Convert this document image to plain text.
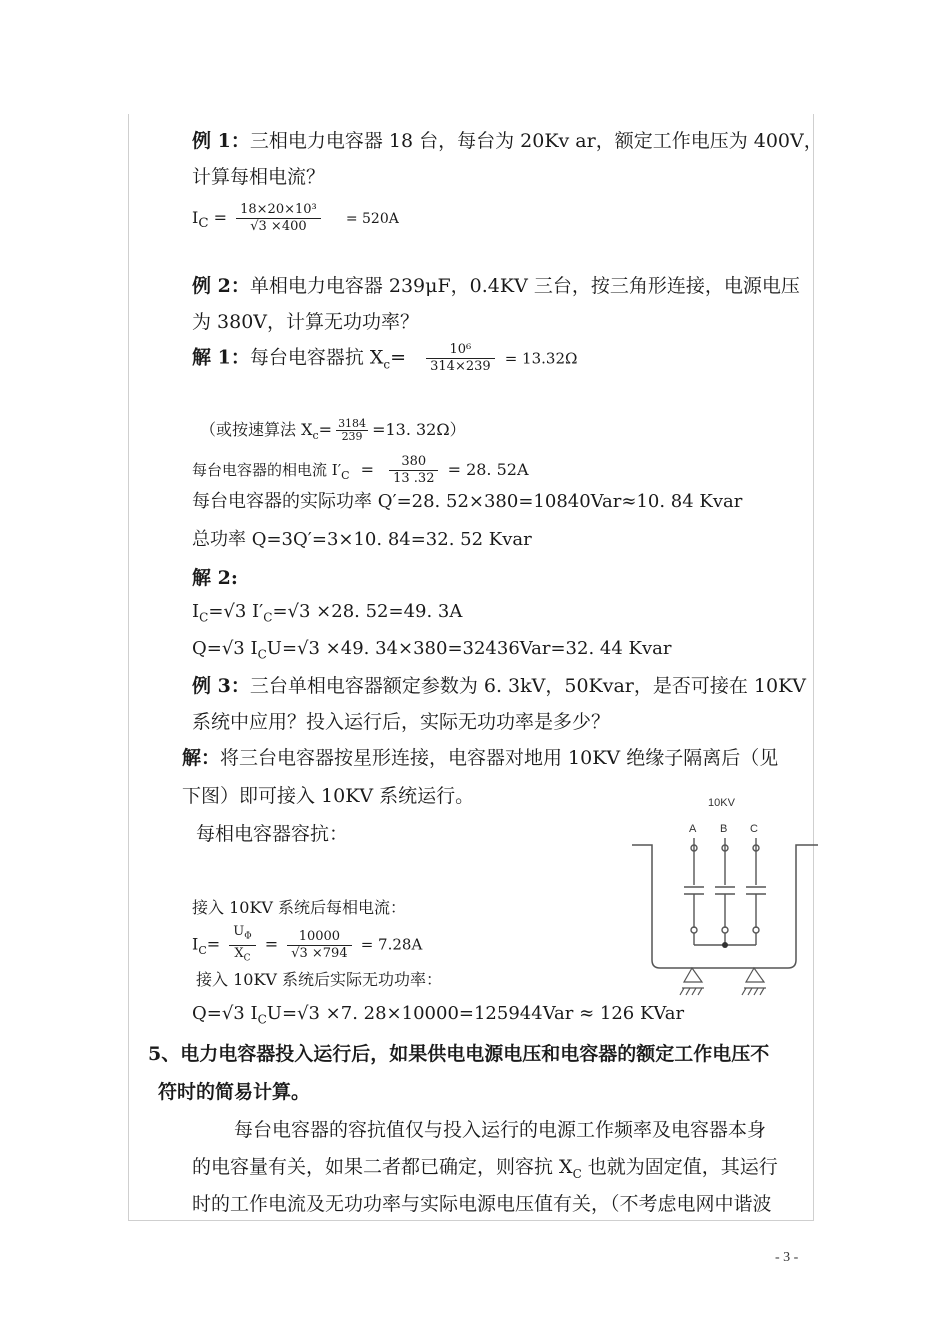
例 1：三相电力电容器 18 台，每台为 20Kv ar，额定工作电压为 400V，
计算每相电流？
$I_C = \frac{\text{18×20×10³}}{√3 \times 400} = 520A$
例 2：单相电力电容器 239μF，0.4KV 三台，按三角形连接，电源电压
为 380V，计算无功功率？
解 1：每台电容器抗 $X_c= \frac{\text{10⁶}}{314\times 239} = 13.32\Omega$
（或按速算法 $X_c= \frac{3184}{239} =13$. 32Ω）
每台电容器的相电流 $I'_C = \frac{380}{13 .32} = 28$. 52A
每台电容器的实际功率 Q′=28. 52×380=10840Var≈10. 84 Kvar
总功率 Q=3Q′=3×10. 84=32. 52 Kvar
解 2:
$I_C=√3$ $I'_C=√3 \times 28$. 52=49. 3A
Q=√3 $I_CU=√3 \times 49$. 34×380=32436Var=32. 44 Kvar
例 3：三台单相电容器额定参数为 6. 3kV，50Kvar，是否可接在 10KV
系统中应用？投入运行后，实际无功功率是多少？
解：将三台电容器按星形连接，电容器对地用 10KV 绝缘子隔离后（见
下图）即可接入 10KV 系统运行。
每相电容器容抗：
接入 10KV 系统后每相电流：
$I_C= \frac{U_\Phi}{X_C} = \frac{10000}{√3 \times 794} = 7.28A$
接入 10KV 系统后实际无功功率：
Q=√3 $I_CU=√3 \times 7$. 28×10000=125944Var ≈ 126 KVar
10KV
A B C
5、电力电容器投入运行后，如果供电电源电压和电容器的额定工作电压不
符时的简易计算。
每台电容器的容抗值仅与投入运行的电源工作频率及电容器本身
的电容量有关，如果二者都已确定，则容抗 $X_C$ 也就为固定值，其运行
时的工作电流及无功功率与实际电源电压值有关，（不考虑电网中谐波
- 3 -
